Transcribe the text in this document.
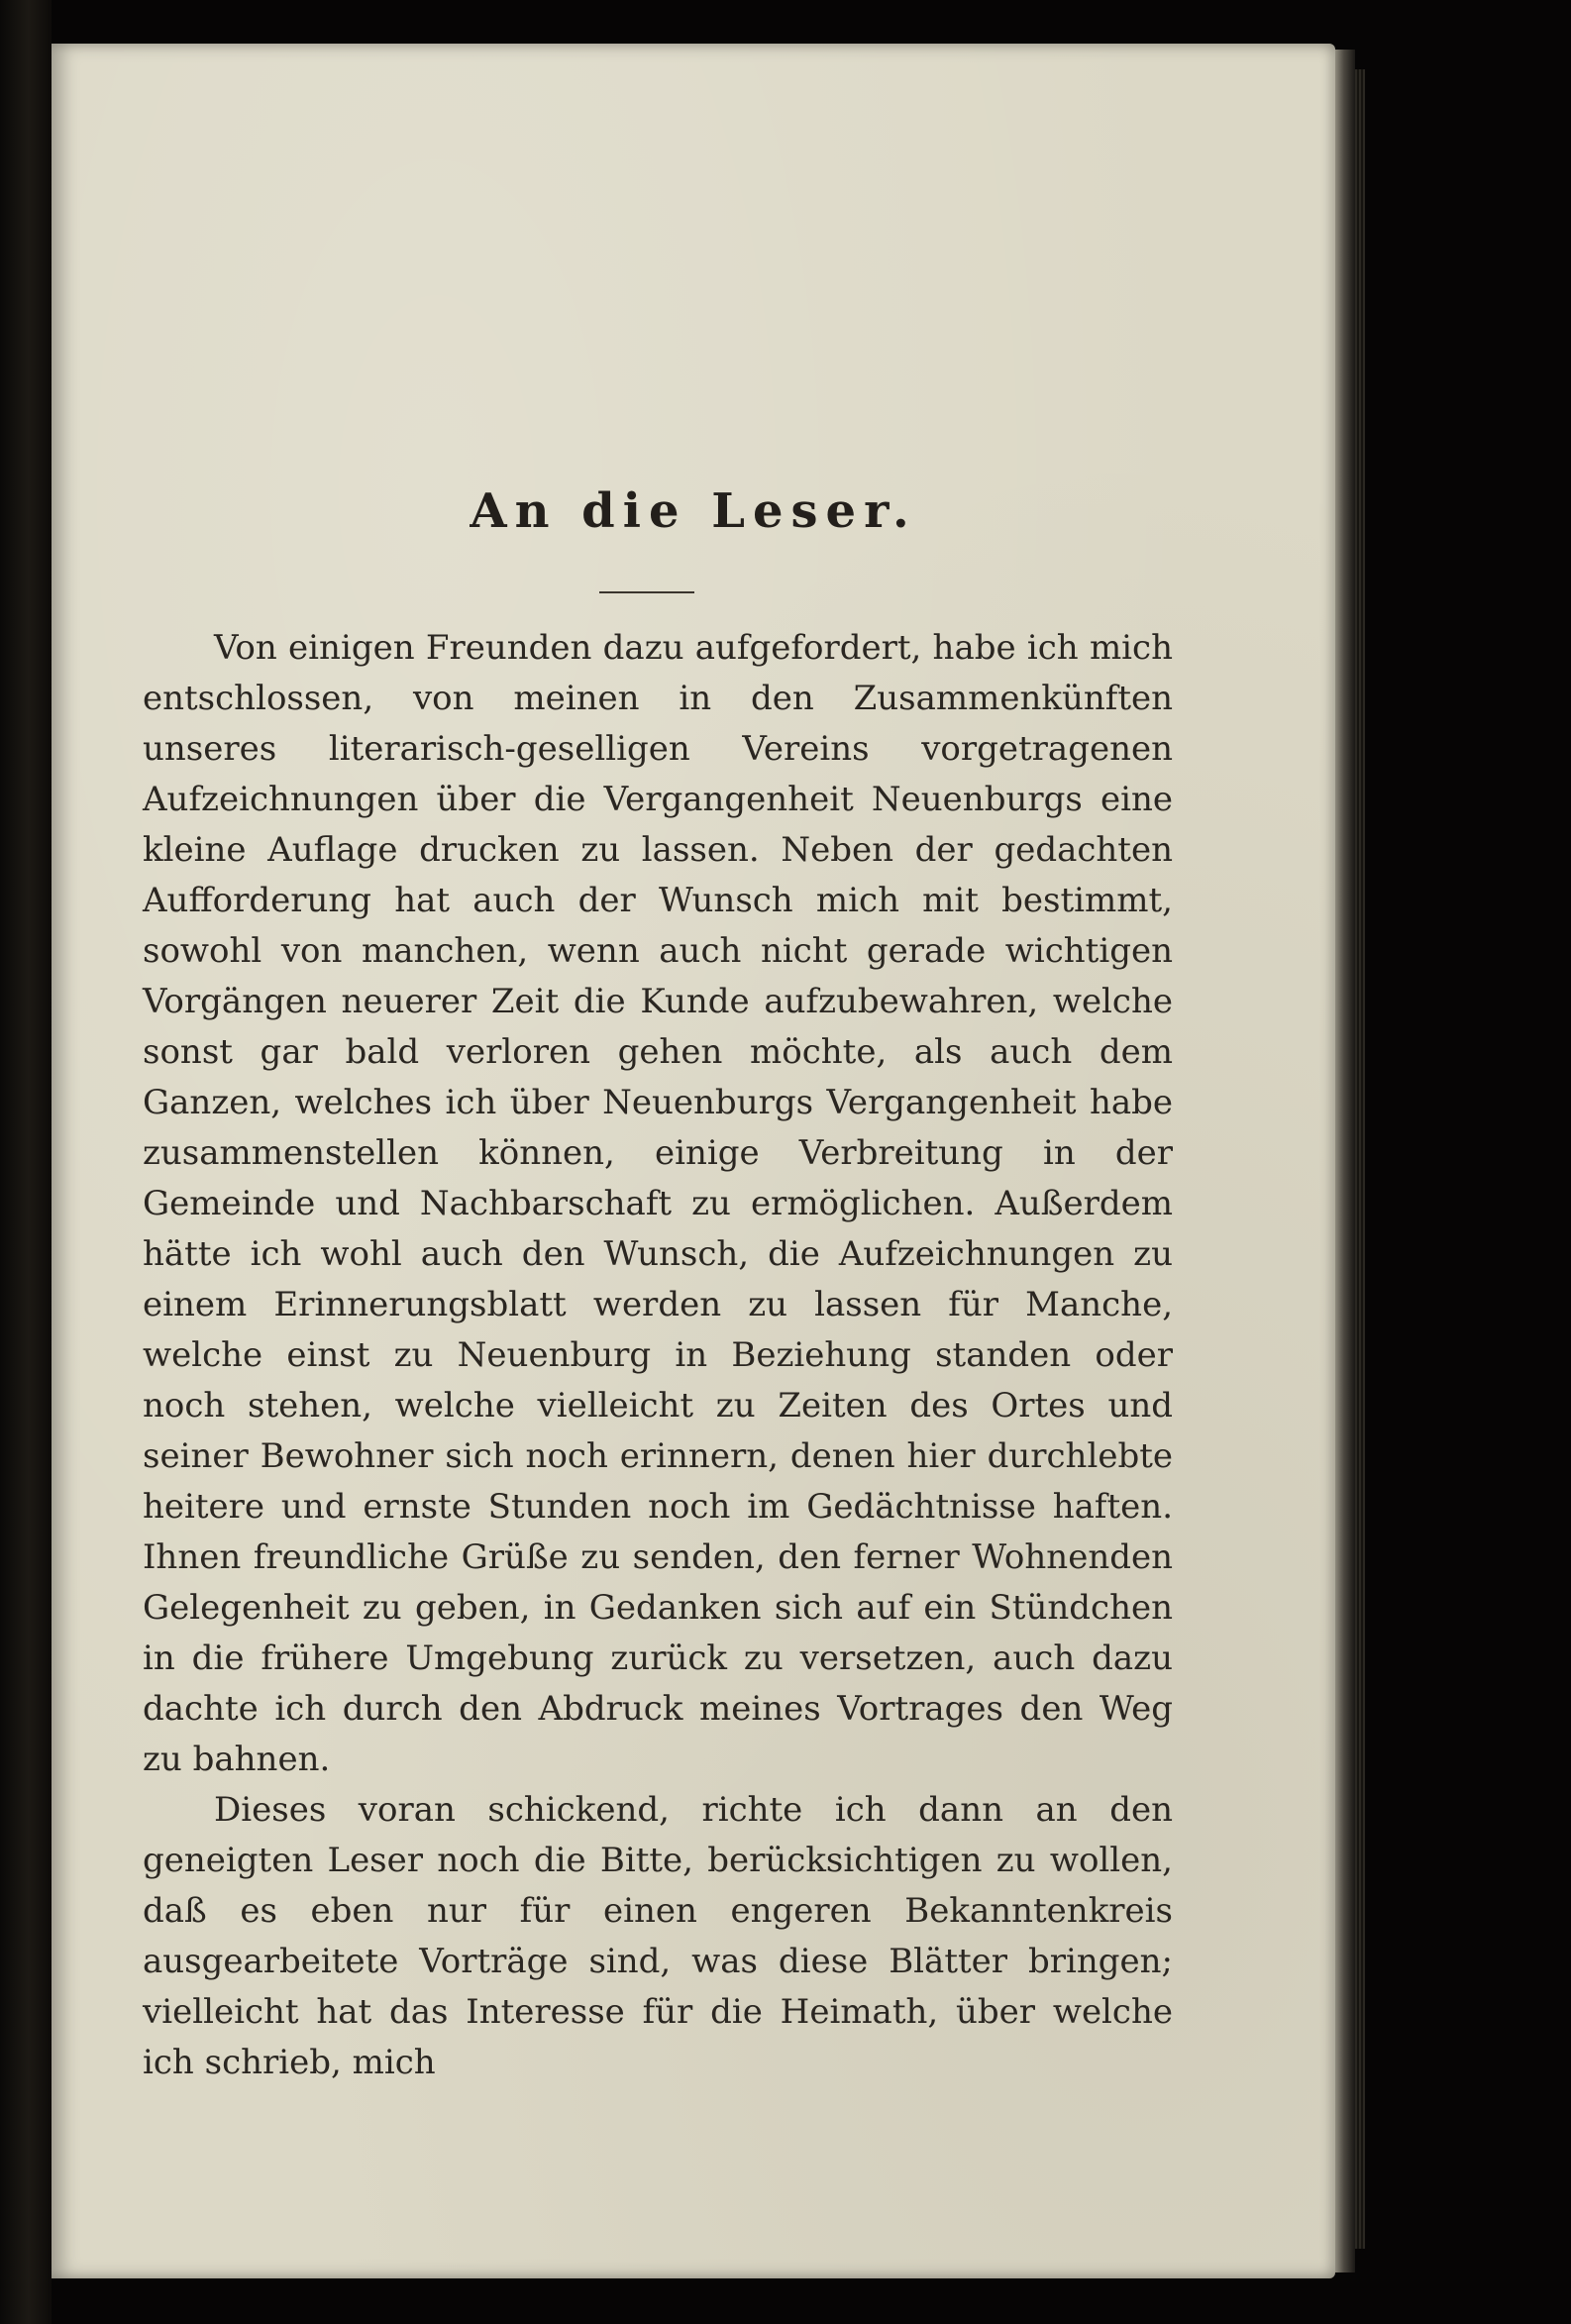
An die Leser.

Von einigen Freunden dazu aufgefordert, habe ich mich entschlossen, von meinen in den Zusammenkünften unseres literarisch-geselligen Vereins vorgetragenen Aufzeichnungen über die Vergangenheit Neuenburgs eine kleine Auflage drucken zu lassen. Neben der gedachten Aufforderung hat auch der Wunsch mich mit bestimmt, sowohl von manchen, wenn auch nicht gerade wichtigen Vorgängen neuerer Zeit die Kunde aufzubewahren, welche sonst gar bald verloren gehen möchte, als auch dem Ganzen, welches ich über Neuenburgs Vergangenheit habe zusammenstellen können, einige Verbreitung in der Gemeinde und Nachbarschaft zu ermöglichen. Außerdem hätte ich wohl auch den Wunsch, die Aufzeichnungen zu einem Erinnerungsblatt werden zu lassen für Manche, welche einst zu Neuenburg in Beziehung standen oder noch stehen, welche vielleicht zu Zeiten des Ortes und seiner Bewohner sich noch erinnern, denen hier durchlebte heitere und ernste Stunden noch im Gedächtnisse haften. Ihnen freundliche Grüße zu senden, den ferner Wohnenden Gelegenheit zu geben, in Gedanken sich auf ein Stündchen in die frühere Umgebung zurück zu versetzen, auch dazu dachte ich durch den Abdruck meines Vortrages den Weg zu bahnen.

Dieses voran schickend, richte ich dann an den geneigten Leser noch die Bitte, berücksichtigen zu wollen, daß es eben nur für einen engeren Bekanntenkreis ausgearbeitete Vorträge sind, was diese Blätter bringen; vielleicht hat das Interesse für die Heimath, über welche ich schrieb, mich
